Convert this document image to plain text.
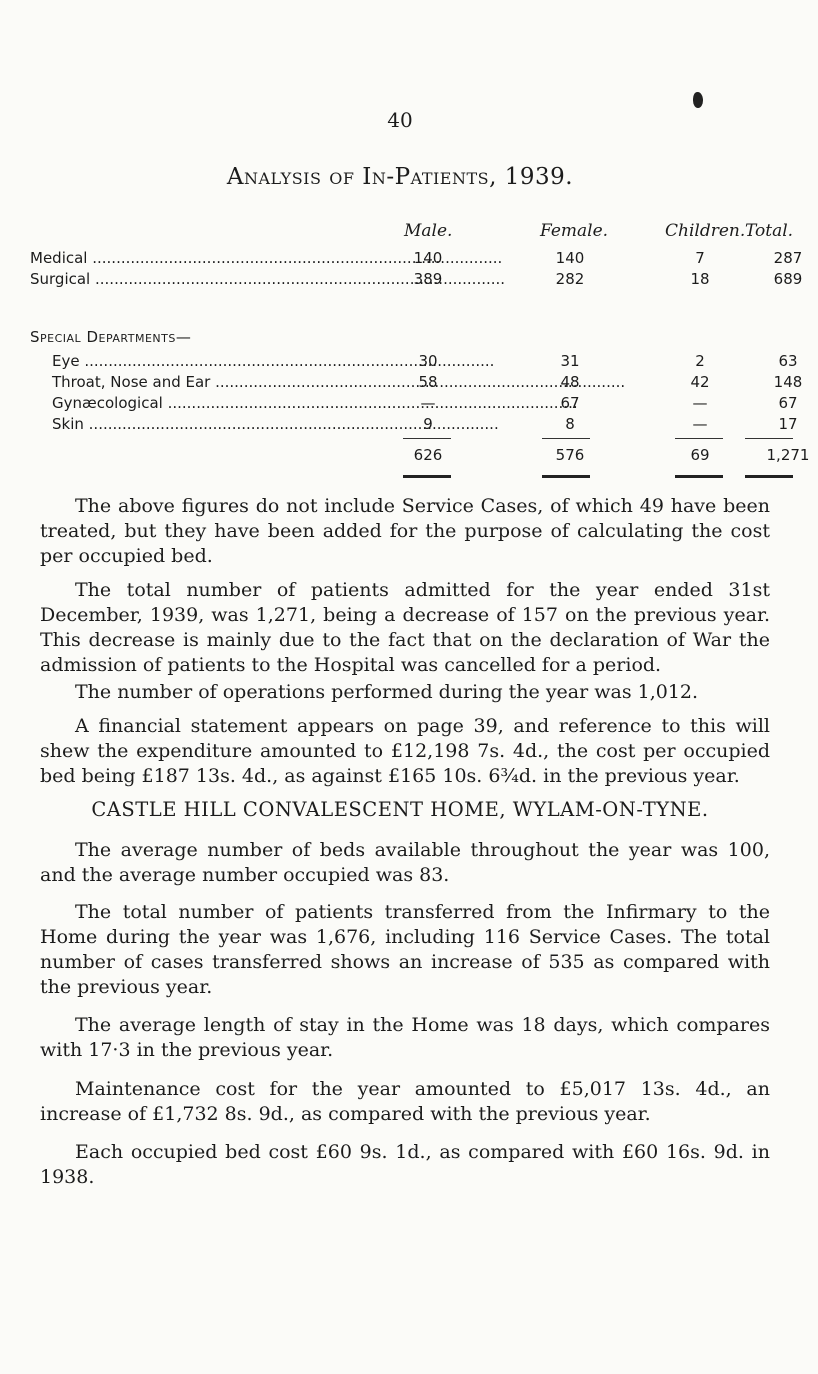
40
Analysis of In-Patients, 1939.
Male.	Female.	Children. Total.
Medical .....	140	140	7	287
Surgical .....	389	282	18	689
Special Departments—
Eye .....	30	31	2	63
Throat, Nose and Ear .....	58	48	42	148
Gynæcological .....	—	67	—	67
Skin .....	9	8	—	17
626	576	69	1,271

The above figures do not include Service Cases, of which 49 have been treated, but they have been added for the purpose of calculating the cost per occupied bed.

The total number of patients admitted for the year ended 31st December, 1939, was 1,271, being a decrease of 157 on the previous year. This decrease is mainly due to the fact that on the declaration of War the admission of patients to the Hospital was cancelled for a period.

The number of operations performed during the year was 1,012.

A financial statement appears on page 39, and reference to this will shew the expenditure amounted to £12,198 7s. 4d., the cost per occupied bed being £187 13s. 4d., as against £165 10s. 6¾d. in the previous year.

CASTLE HILL CONVALESCENT HOME, WYLAM-ON-TYNE.

The average number of beds available throughout the year was 100, and the average number occupied was 83.

The total number of patients transferred from the Infirmary to the Home during the year was 1,676, including 116 Service Cases. The total number of cases transferred shows an increase of 535 as compared with the previous year.

The average length of stay in the Home was 18 days, which compares with 17·3 in the previous year.

Maintenance cost for the year amounted to £5,017 13s. 4d., an increase of £1,732 8s. 9d., as compared with the previous year.

Each occupied bed cost £60 9s. 1d., as compared with £60 16s. 9d. in 1938.
